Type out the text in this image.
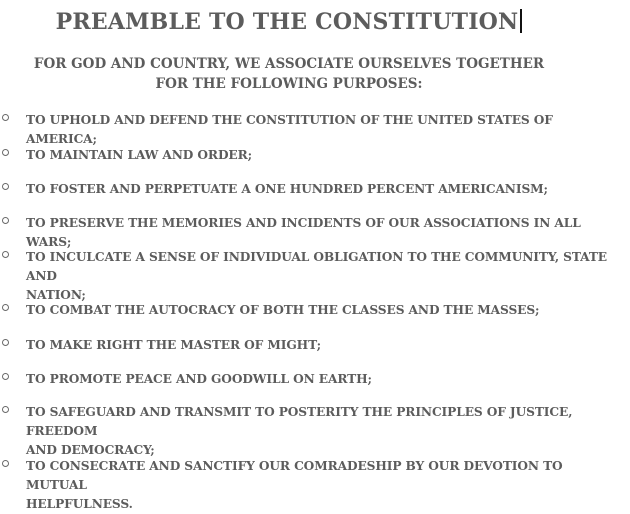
PREAMBLE TO THE CONSTITUTION
FOR GOD AND COUNTRY, WE ASSOCIATE OURSELVES TOGETHER
FOR THE FOLLOWING PURPOSES:
TO UPHOLD AND DEFEND THE CONSTITUTION OF THE UNITED STATES OF AMERICA;
TO MAINTAIN LAW AND ORDER;
TO FOSTER AND PERPETUATE A ONE HUNDRED PERCENT AMERICANISM;
TO PRESERVE THE MEMORIES AND INCIDENTS OF OUR ASSOCIATIONS IN ALL WARS;
TO INCULCATE A SENSE OF INDIVIDUAL OBLIGATION TO THE COMMUNITY, STATE AND
NATION;
TO COMBAT THE AUTOCRACY OF BOTH THE CLASSES AND THE MASSES;
TO MAKE RIGHT THE MASTER OF MIGHT;
TO PROMOTE PEACE AND GOODWILL ON EARTH;
TO SAFEGUARD AND TRANSMIT TO POSTERITY THE PRINCIPLES OF JUSTICE, FREEDOM
AND DEMOCRACY;
TO CONSECRATE AND SANCTIFY OUR COMRADESHIP BY OUR DEVOTION TO MUTUAL
HELPFULNESS.
